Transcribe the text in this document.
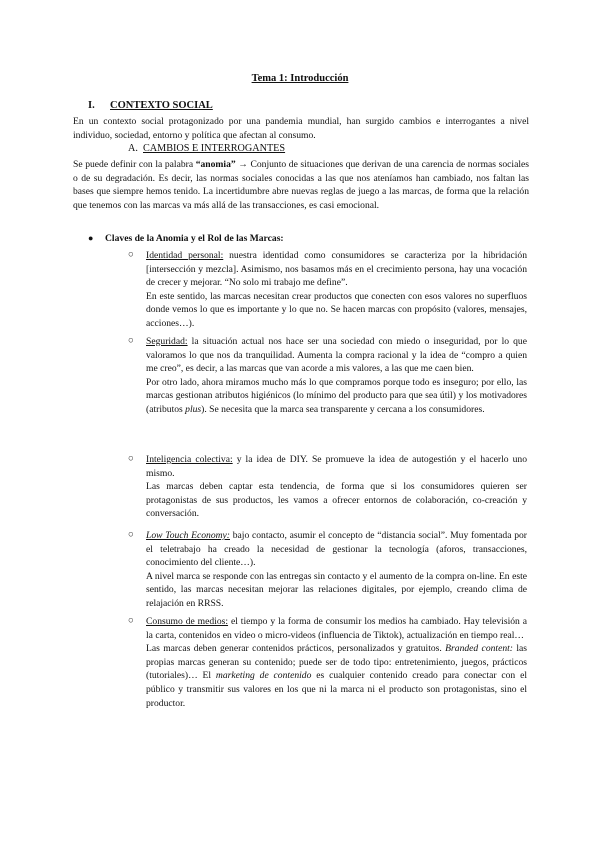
Tema 1: Introducción
I. CONTEXTO SOCIAL

En un contexto social protagonizado por una pandemia mundial, han surgido cambios e interrogantes a nivel individuo, sociedad, entorno y política que afectan al consumo.

A. CAMBIOS E INTERROGANTES

Se puede definir con la palabra “anomia” → Conjunto de situaciones que derivan de una carencia de normas sociales o de su degradación. Es decir, las normas sociales conocidas a las que nos ateníamos han cambiado, nos faltan las bases que siempre hemos tenido. La incertidumbre abre nuevas reglas de juego a las marcas, de forma que la relación que tenemos con las marcas va más allá de las transacciones, es casi emocional.

● Claves de la Anomia y el Rol de las Marcas:
○ Identidad personal: nuestra identidad como consumidores se caracteriza por la hibridación [intersección y mezcla]. Asimismo, nos basamos más en el crecimiento persona, hay una vocación de crecer y mejorar. “No solo mi trabajo me define”.

En este sentido, las marcas necesitan crear productos que conecten con esos valores no superfluos donde vemos lo que es importante y lo que no. Se hacen marcas con propósito (valores, mensajes, acciones…).

○ Seguridad: la situación actual nos hace ser una sociedad con miedo o inseguridad, por lo que valoramos lo que nos da tranquilidad. Aumenta la compra racional y la idea de “compro a quien me creo”, es decir, a las marcas que van acorde a mis valores, a las que me caen bien.

Por otro lado, ahora miramos mucho más lo que compramos porque todo es inseguro; por ello, las marcas gestionan atributos higiénicos (lo mínimo del producto para que sea útil) y los motivadores (atributos plus). Se necesita que la marca sea transparente y cercana a los consumidores.

○ Inteligencia colectiva: y la idea de DIY. Se promueve la idea de autogestión y el hacerlo uno mismo.

Las marcas deben captar esta tendencia, de forma que si los consumidores quieren ser protagonistas de sus productos, les vamos a ofrecer entornos de colaboración, co-creación y conversación.

○ Low Touch Economy: bajo contacto, asumir el concepto de “distancia social”. Muy fomentada por el teletrabajo ha creado la necesidad de gestionar la tecnología (aforos, transacciones, conocimiento del cliente…).

A nivel marca se responde con las entregas sin contacto y el aumento de la compra on-line. En este sentido, las marcas necesitan mejorar las relaciones digitales, por ejemplo, creando clima de relajación en RRSS.

○ Consumo de medios: el tiempo y la forma de consumir los medios ha cambiado. Hay televisión a la carta, contenidos en video o micro-videos (influencia de Tiktok), actualización en tiempo real…

Las marcas deben generar contenidos prácticos, personalizados y gratuitos. Branded content: las propias marcas generan su contenido; puede ser de todo tipo: entretenimiento, juegos, prácticos (tutoriales)… El marketing de contenido es cualquier contenido creado para conectar con el público y transmitir sus valores en los que ni la marca ni el producto son protagonistas, sino el productor.
